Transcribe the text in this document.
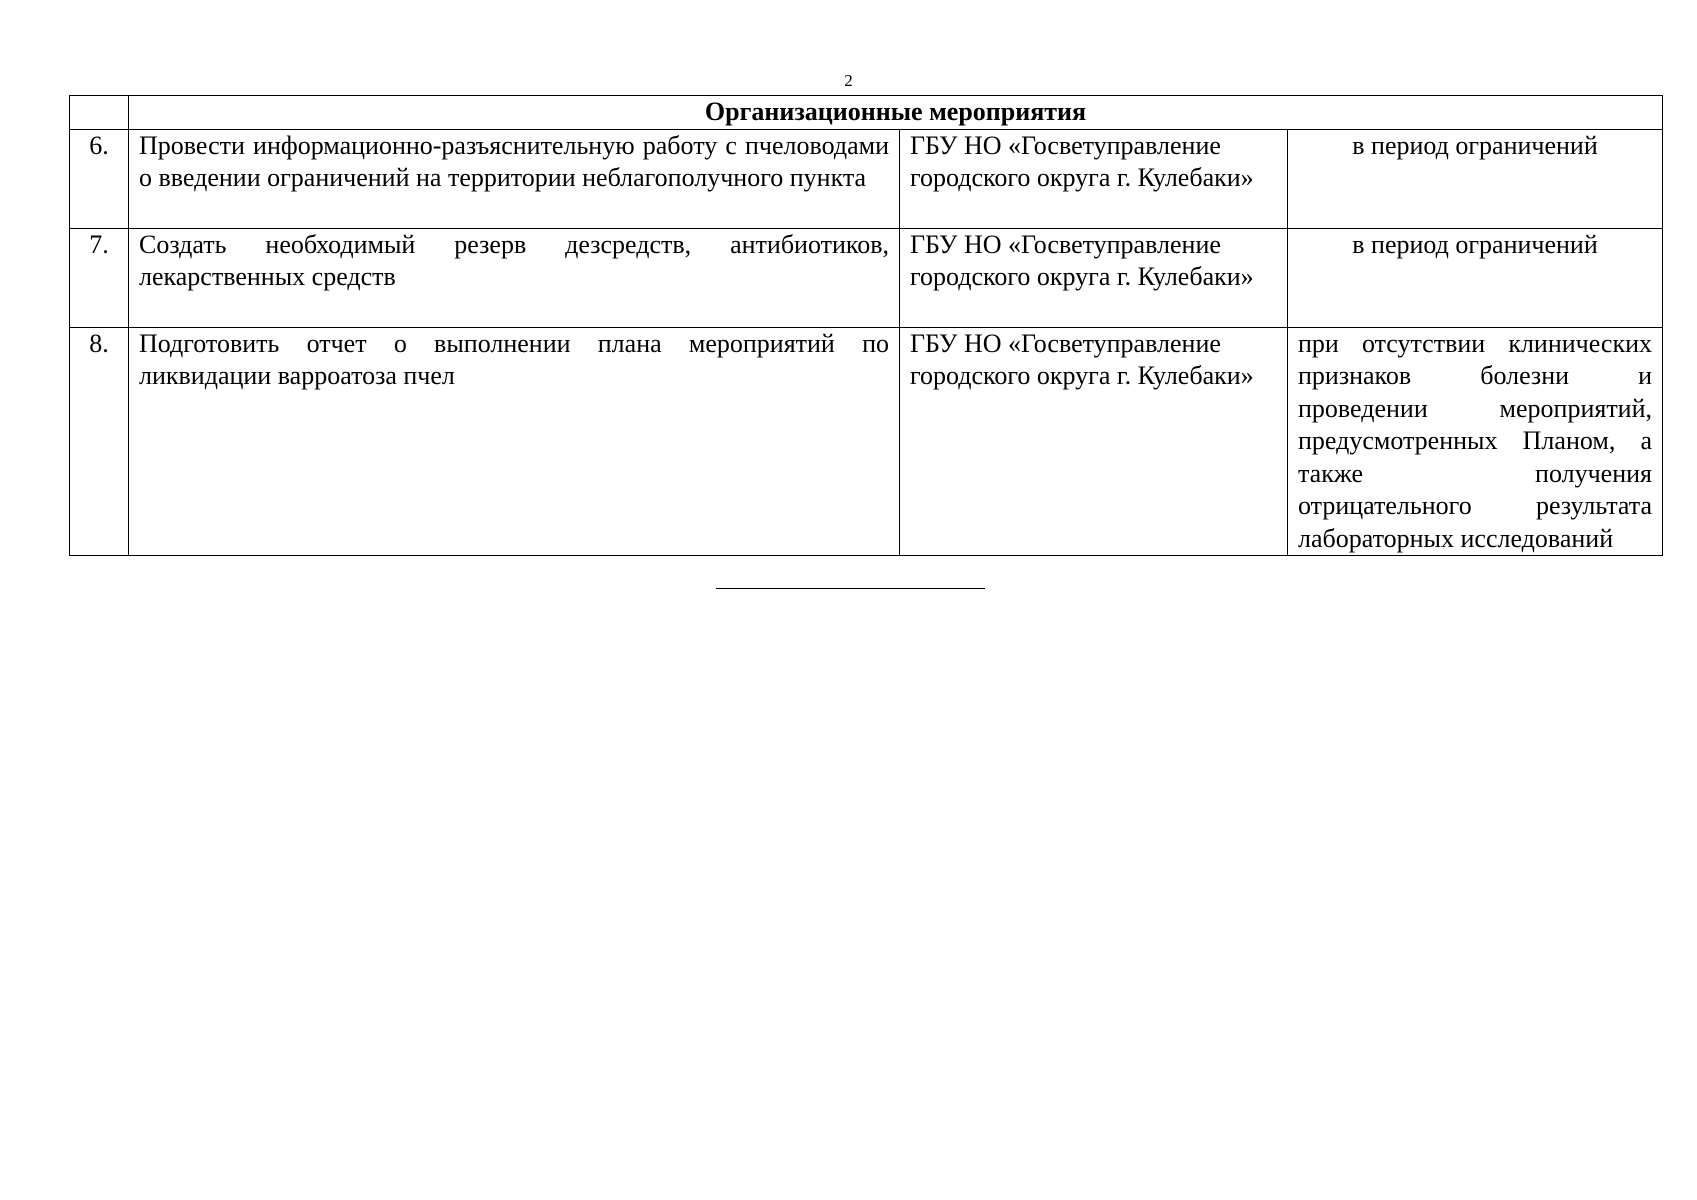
2
	Организационные мероприятия		
6.	Провести информационно-разъяснительную работу с пчеловодами о введении ограничений на территории неблагополучного пункта	ГБУ НО «Госветуправление городского округа г. Кулебаки»	в период ограничений
7.	Создать необходимый резерв дезсредств, антибиотиков, лекарственных средств	ГБУ НО «Госветуправление городского округа г. Кулебаки»	в период ограничений
8.	Подготовить отчет о выполнении плана мероприятий по ликвидации варроатоза пчел	ГБУ НО «Госветуправление городского округа г. Кулебаки»	при отсутствии клинических признаков болезни и проведении мероприятий, предусмотренных Планом, а также получения отрицательного результата лабораторных исследований
